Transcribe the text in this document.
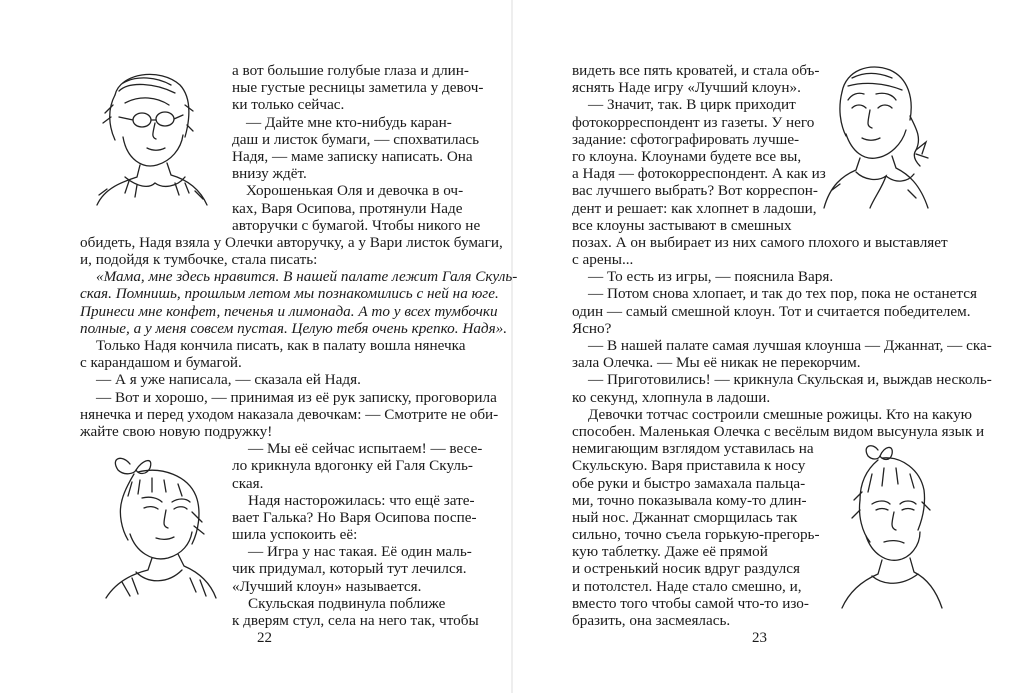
а вот большие голубые глаза и длин-
ные густые ресницы заметила у девоч-
ки только сейчас.
— Дайте мне кто-нибудь каран-
даш и листок бумаги, — спохватилась
Надя, — маме записку написать. Она
внизу ждёт.
Хорошенькая Оля и девочка в оч-
ках, Варя Осипова, протянули Наде
авторучки с бумагой. Чтобы никого не
обидеть, Надя взяла у Олечки авторучку, а у Вари листок бумаги,
и, подойдя к тумбочке, стала писать:
«Мама, мне здесь нравится. В нашей палате лежит Галя Скуль-
ская. Помнишь, прошлым летом мы познакомились с ней на юге.
Принеси мне конфет, печенья и лимонада. А то у всех тумбочки
полные, а у меня совсем пустая. Целую тебя очень крепко. Надя».
Только Надя кончила писать, как в палату вошла нянечка
с карандашом и бумагой.
— А я уже написала, — сказала ей Надя.
— Вот и хорошо, — принимая из её рук записку, проговорила
нянечка и перед уходом наказала девочкам: — Смотрите не оби-
жайте свою новую подружку!
— Мы её сейчас испытаем! — весе-
ло крикнула вдогонку ей Галя Скуль-
ская.
Надя насторожилась: что ещё зате-
вает Галька? Но Варя Осипова поспе-
шила успокоить её:
— Игра у нас такая. Её один маль-
чик придумал, который тут лечился.
«Лучший клоун» называется.
Скульская подвинула поближе
к дверям стул, села на него так, чтобы
22
видеть все пять кроватей, и стала объ-
яснять Наде игру «Лучший клоун».
— Значит, так. В цирк приходит
фотокорреспондент из газеты. У него
задание: сфотографировать лучше-
го клоуна. Клоунами будете все вы,
а Надя — фотокорреспондент. А как из
вас лучшего выбрать? Вот корреспон-
дент и решает: как хлопнет в ладоши,
все клоуны застывают в смешных
позах. А он выбирает из них самого плохого и выставляет
с арены...
— То есть из игры, — пояснила Варя.
— Потом снова хлопает, и так до тех пор, пока не останется
один — самый смешной клоун. Тот и считается победителем.
Ясно?
— В нашей палате самая лучшая клоунша — Джаннат, — ска-
зала Олечка. — Мы её никак не перекорчим.
— Приготовились! — крикнула Скульская и, выждав несколь-
ко секунд, хлопнула в ладоши.
Девочки тотчас состроили смешные рожицы. Кто на какую
способен. Маленькая Олечка с весёлым видом высунула язык и
немигающим взглядом уставилась на
Скульскую. Варя приставила к носу
обе руки и быстро замахала пальца-
ми, точно показывала кому-то длин-
ный нос. Джаннат сморщилась так
сильно, точно съела горькую-прегорь-
кую таблетку. Даже её прямой
и остренький носик вдруг раздулся
и потолстел. Наде стало смешно, и,
вместо того чтобы самой что-то изо-
бразить, она засмеялась.
23
